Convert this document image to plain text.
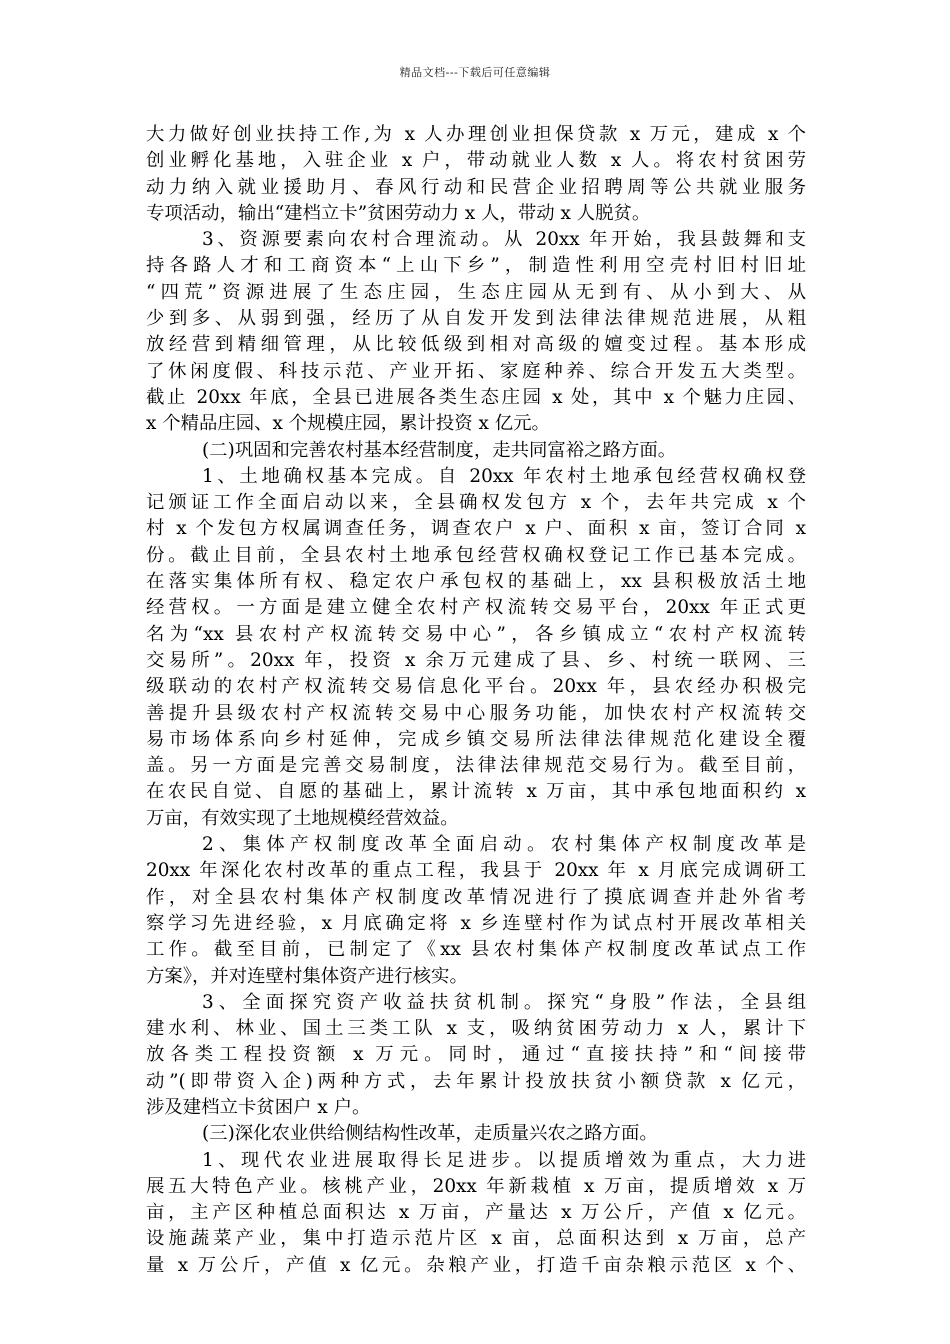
精品文档---下载后可任意编辑
大力做好创业扶持工作,为 x 人办理创业担保贷款 x 万元，建成 x 个
创业孵化基地，入驻企业 x 户，带动就业人数 x 人。将农村贫困劳
动力纳入就业援助月、春风行动和民营企业招聘周等公共就业服务
专项活动，输出“建档立卡”贫困劳动力 x 人，带动 x 人脱贫。
3、资源要素向农村合理流动。从 20xx 年开始，我县鼓舞和支
持各路人才和工商资本“上山下乡”，制造性利用空壳村旧村旧址
“四荒”资源进展了生态庄园，生态庄园从无到有、从小到大、从
少到多、从弱到强，经历了从自发开发到法律法律规范进展，从粗
放经营到精细管理，从比较低级到相对高级的嬗变过程。基本形成
了休闲度假、科技示范、产业开拓、家庭种养、综合开发五大类型。
截止 20xx 年底，全县已进展各类生态庄园 x 处，其中 x 个魅力庄园、
x 个精品庄园、x 个规模庄园，累计投资 x 亿元。
(二)巩固和完善农村基本经营制度，走共同富裕之路方面。
1、土地确权基本完成。自 20xx 年农村土地承包经营权确权登
记颁证工作全面启动以来，全县确权发包方 x 个，去年共完成 x 个
村 x 个发包方权属调查任务，调查农户 x 户、面积 x 亩，签订合同 x
份。截止目前，全县农村土地承包经营权确权登记工作已基本完成。
在落实集体所有权、稳定农户承包权的基础上，xx 县积极放活土地
经营权。一方面是建立健全农村产权流转交易平台，20xx 年正式更
名为“xx 县农村产权流转交易中心”，各乡镇成立“农村产权流转
交易所”。20xx 年，投资 x 余万元建成了县、乡、村统一联网、三
级联动的农村产权流转交易信息化平台。20xx 年，县农经办积极完
善提升县级农村产权流转交易中心服务功能，加快农村产权流转交
易市场体系向乡村延伸，完成乡镇交易所法律法律规范化建设全覆
盖。另一方面是完善交易制度，法律法律规范交易行为。截至目前，
在农民自觉、自愿的基础上，累计流转 x 万亩，其中承包地面积约 x
万亩，有效实现了土地规模经营效益。
2、集体产权制度改革全面启动。农村集体产权制度改革是
20xx 年深化农村改革的重点工程，我县于 20xx 年 x 月底完成调研工
作，对全县农村集体产权制度改革情况进行了摸底调查并赴外省考
察学习先进经验，x 月底确定将 x 乡连壁村作为试点村开展改革相关
工作。截至目前，已制定了《xx 县农村集体产权制度改革试点工作
方案》，并对连壁村集体资产进行核实。
3、全面探究资产收益扶贫机制。探究“身股”作法，全县组
建水利、林业、国土三类工队 x 支，吸纳贫困劳动力 x 人，累计下
放各类工程投资额 x 万元。同时，通过“直接扶持”和“间接带
动”(即带资入企)两种方式，去年累计投放扶贫小额贷款 x 亿元，
涉及建档立卡贫困户 x 户。
(三)深化农业供给侧结构性改革，走质量兴农之路方面。
1、现代农业进展取得长足进步。以提质增效为重点，大力进
展五大特色产业。核桃产业，20xx 年新栽植 x 万亩，提质增效 x 万
亩，主产区种植总面积达 x 万亩，产量达 x 万公斤，产值 x 亿元。
设施蔬菜产业，集中打造示范片区 x 亩，总面积达到 x 万亩，总产
量 x 万公斤，产值 x 亿元。杂粮产业，打造千亩杂粮示范区 x 个、
